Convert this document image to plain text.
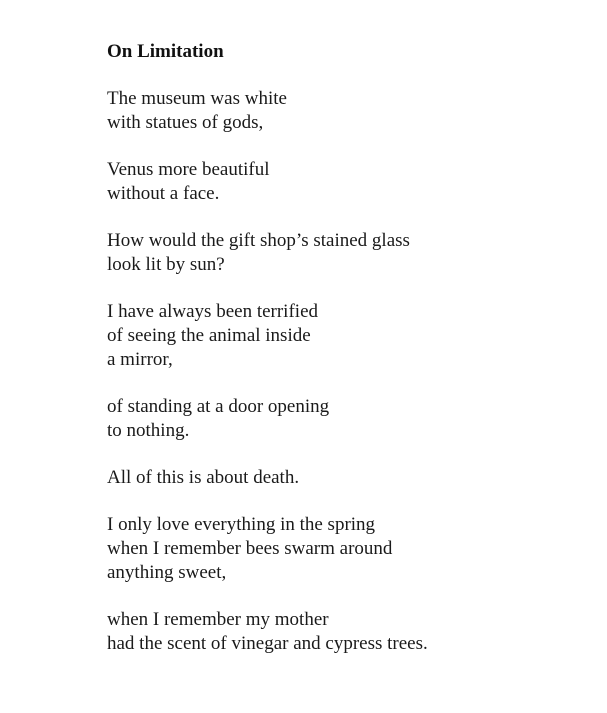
On Limitation
The museum was white
with statues of gods,
Venus more beautiful
without a face.
How would the gift shop’s stained glass
look lit by sun?
I have always been terrified
of seeing the animal inside
a mirror,
of standing at a door opening
to nothing.
All of this is about death.
I only love everything in the spring
when I remember bees swarm around
anything sweet,
when I remember my mother
had the scent of vinegar and cypress trees.
